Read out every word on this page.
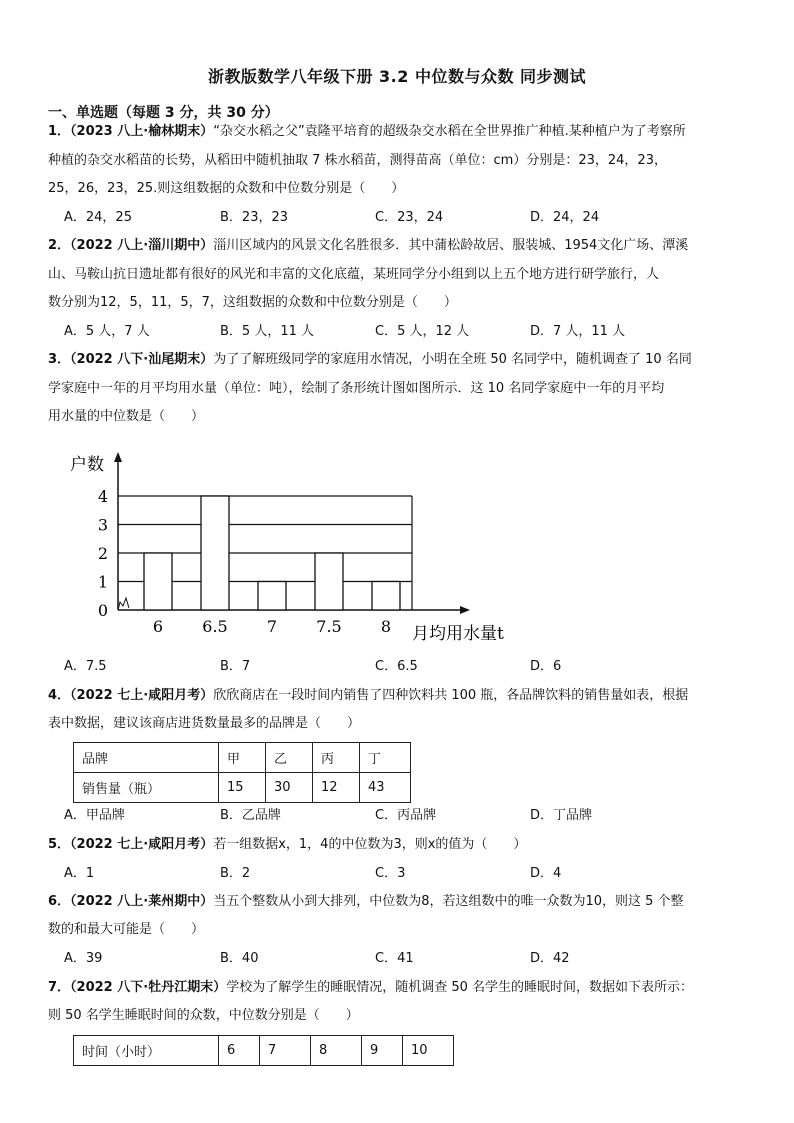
浙教版数学八年级下册 3.2 中位数与众数 同步测试
一、单选题（每题 3 分，共 30 分）
1．（2023 八上·榆林期末）“杂交水稻之父”袁隆平培育的超级杂交水稻在全世界推广种植.某种植户为了考察所
种植的杂交水稻苗的长势，从稻田中随机抽取 7 株水稻苗，测得苗高（单位：cm）分别是：23，24，23，
25，26，23，25.则这组数据的众数和中位数分别是（　　）
A．24，25	B．23，23	C．23，24	D．24，24
2．（2022 八上·淄川期中）淄川区域内的风景文化名胜很多．其中蒲松龄故居、服装城、1954文化广场、潭溪
山、马鞍山抗日遗址都有很好的风光和丰富的文化底蕴，某班同学分小组到以上五个地方进行研学旅行，人
数分别为12，5，11，5，7，这组数据的众数和中位数分别是（　　）
A．5 人，7 人	B．5 人，11 人	C．5 人，12 人	D．7 人，11 人
3．（2022 八下·汕尾期末）为了了解班级同学的家庭用水情况，小明在全班 50 名同学中，随机调查了 10 名同
学家庭中一年的月平均用水量（单位：吨），绘制了条形统计图如图所示．这 10 名同学家庭中一年的月平均
用水量的中位数是（　　）
0
1
2
3
4
6 6.5 7 7.5 8
户数
月均用水量t
A．7.5	B．7	C．6.5	D．6
4．（2022 七上·咸阳月考）欣欣商店在一段时间内销售了四种饮料共 100 瓶，各品牌饮料的销售量如表，根据
表中数据，建议该商店进货数量最多的品牌是（　　）
品牌	甲	乙	丙	丁
销售量（瓶）	15	30	12	43
A．甲品牌	B．乙品牌	C．丙品牌	D．丁品牌
5．（2022 七上·咸阳月考）若一组数据x，1，4的中位数为3，则x的值为（　　）
A．1	B．2	C．3	D．4
6．（2022 八上·莱州期中）当五个整数从小到大排列，中位数为8，若这组数中的唯一众数为10，则这 5 个整
数的和最大可能是（　　）
A．39	B．40	C．41	D．42
7．（2022 八下·牡丹江期末）学校为了解学生的睡眠情况，随机调查 50 名学生的睡眠时间，数据如下表所示：
则 50 名学生睡眠时间的众数，中位数分别是（　　）
时间（小时）	6	7	8	9	10
